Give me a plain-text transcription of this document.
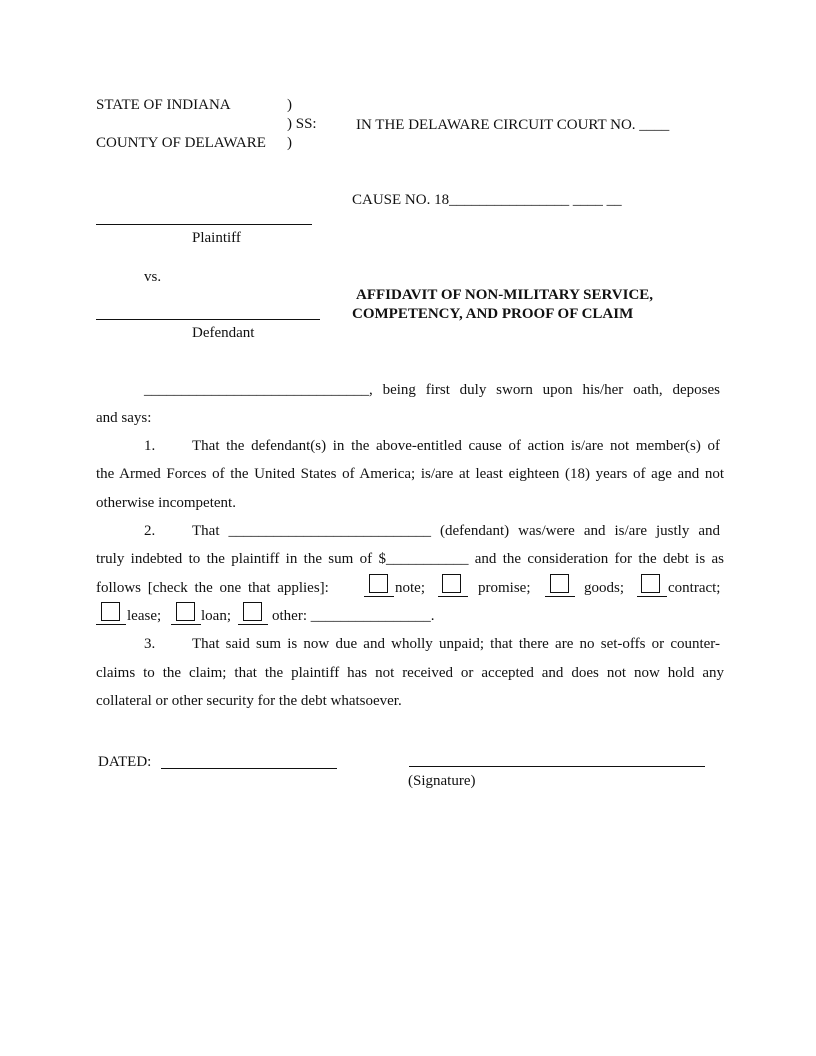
STATE OF INDIANA	)
) SS:
)
COUNTY OF DELAWARE
IN THE DELAWARE CIRCUIT COURT NO. ____
CAUSE NO. 18________________ ____ __
Plaintiff
vs.
AFFIDAVIT OF NON-MILITARY SERVICE,
COMPETENCY, AND PROOF OF CLAIM
Defendant
______________________________, being first duly sworn upon his/her oath, deposes
and says:
1. That the defendant(s) in the above-entitled cause of action is/are not member(s) of
the Armed Forces of the United States of America; is/are at least eighteen (18) years of age and not
otherwise incompetent.
2. That ___________________________ (defendant) was/were and is/are justly and
truly indebted to the plaintiff in the sum of $___________ and the consideration for the debt is as
follows [check the one that applies]:	note;	promise;	goods;	contract;
lease;	loan;	other: ________________.
3. That said sum is now due and wholly unpaid; that there are no set-offs or counter-
claims to the claim; that the plaintiff has not received or accepted and does not now hold any
collateral or other security for the debt whatsoever.
DATED:
(Signature)
